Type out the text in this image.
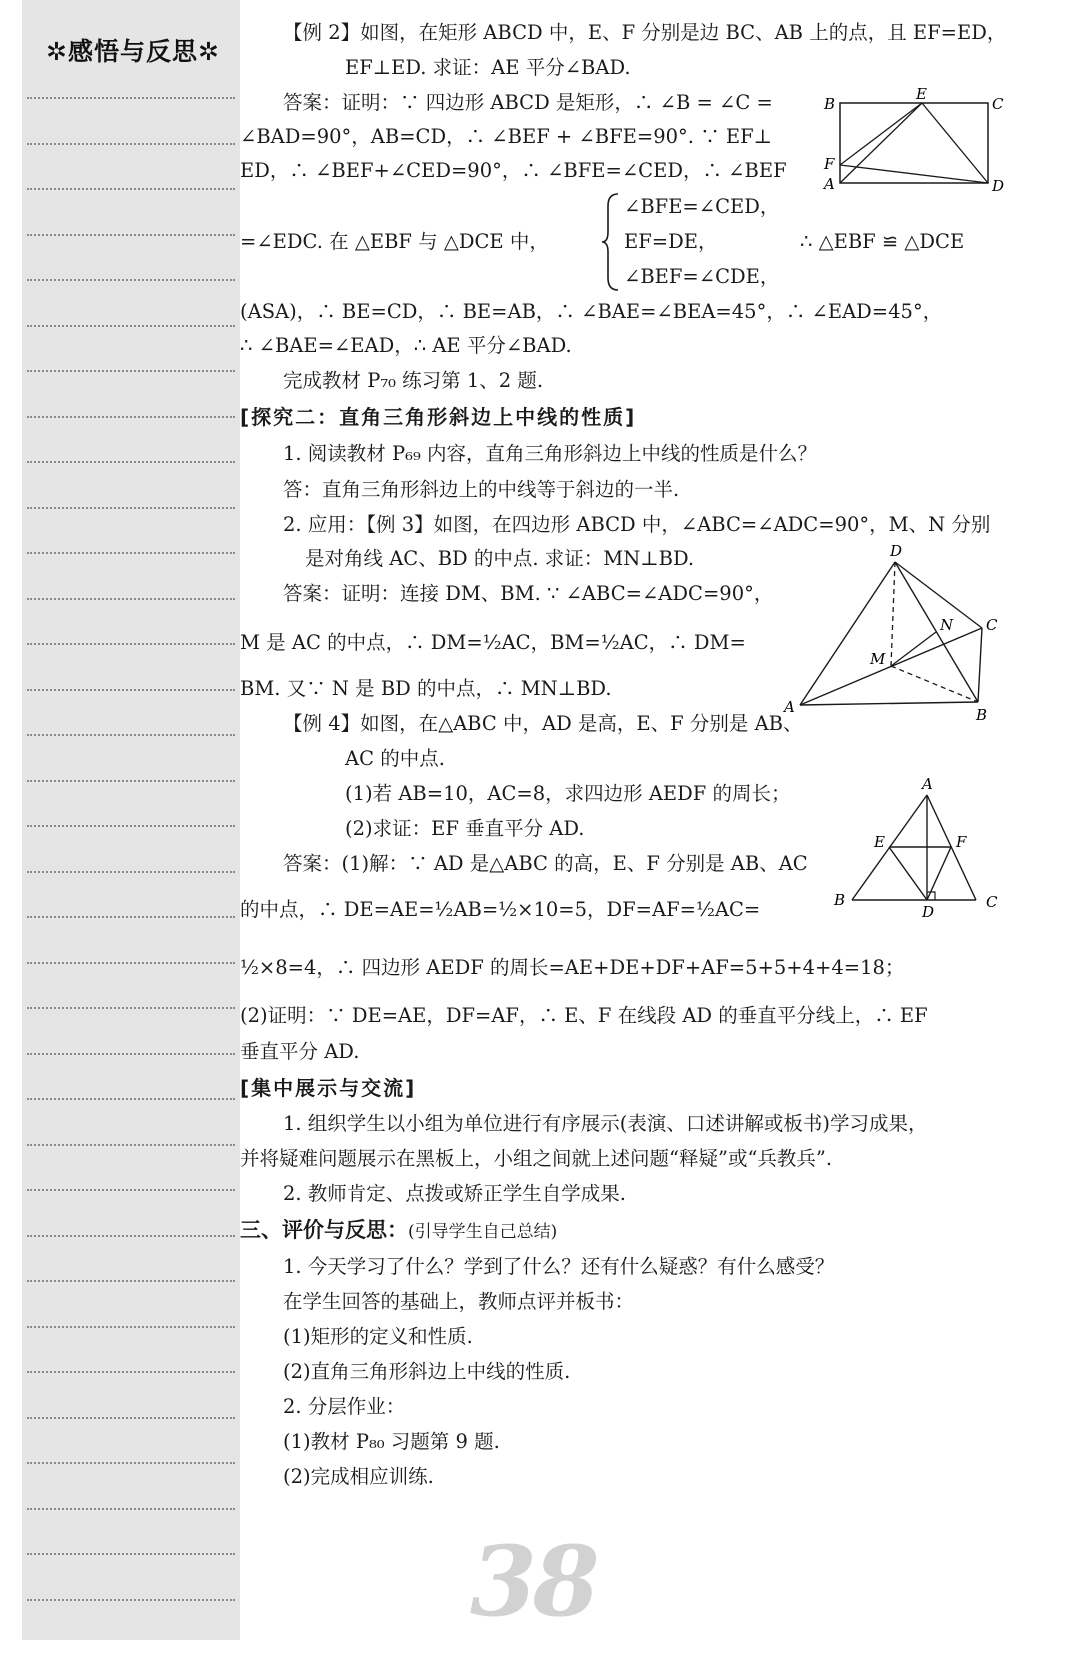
✲感悟与反思✲
【例 2】如图，在矩形 ABCD 中，E、F 分别是边 BC、AB 上的点，且 EF=ED，
EF⊥ED. 求证：AE 平分∠BAD.
答案：证明：∵ 四边形 ABCD 是矩形，∴ ∠B = ∠C =
∠BAD=90°，AB=CD，∴ ∠BEF + ∠BFE=90°. ∵ EF⊥
ED，∴ ∠BEF+∠CED=90°，∴ ∠BFE=∠CED，∴ ∠BEF
=∠EDC. 在 △EBF 与 △DCE 中，
∠BFE=∠CED，
EF=DE，
∠BEF=∠CDE，
∴ △EBF ≌ △DCE
(ASA)，∴ BE=CD，∴ BE=AB，∴ ∠BAE=∠BEA=45°，∴ ∠EAD=45°，
∴ ∠BAE=∠EAD，∴ AE 平分∠BAD.
完成教材 P₇₀ 练习第 1、2 题.
B
E
C
F
A	D
[探究二：直角三角形斜边上中线的性质]
1. 阅读教材 P₆₉ 内容，直角三角形斜边上中线的性质是什么？
答：直角三角形斜边上的中线等于斜边的一半.
2. 应用：【例 3】如图，在四边形 ABCD 中，∠ABC=∠ADC=90°，M、N 分别
是对角线 AC、BD 的中点. 求证：MN⊥BD.
答案：证明：连接 DM、BM. ∵ ∠ABC=∠ADC=90°，
M 是 AC 的中点，∴ DM=½AC，BM=½AC，∴ DM=
BM. 又∵ N 是 BD 的中点，∴ MN⊥BD.
D
N C
M
A	B
【例 4】如图，在△ABC 中，AD 是高，E、F 分别是 AB、
AC 的中点.
(1)若 AB=10，AC=8，求四边形 AEDF 的周长；
(2)求证：EF 垂直平分 AD.
答案：(1)解：∵ AD 是△ABC 的高，E、F 分别是 AB、AC
的中点，∴ DE=AE=½AB=½×10=5，DF=AF=½AC=
½×8=4，∴ 四边形 AEDF 的周长=AE+DE+DF+AF=5+5+4+4=18；
(2)证明：∵ DE=AE，DF=AF，∴ E、F 在线段 AD 的垂直平分线上，∴ EF
垂直平分 AD.
A
E	F
B
D
C
[集中展示与交流]
1. 组织学生以小组为单位进行有序展示(表演、口述讲解或板书)学习成果，
并将疑难问题展示在黑板上，小组之间就上述问题“释疑”或“兵教兵”.
2. 教师肯定、点拨或矫正学生自学成果.
三、评价与反思：(引导学生自己总结)
1. 今天学习了什么？学到了什么？还有什么疑惑？有什么感受？
在学生回答的基础上，教师点评并板书：
(1)矩形的定义和性质.
(2)直角三角形斜边上中线的性质.
2. 分层作业：
(1)教材 P₈₀ 习题第 9 题.
(2)完成相应训练.
38
